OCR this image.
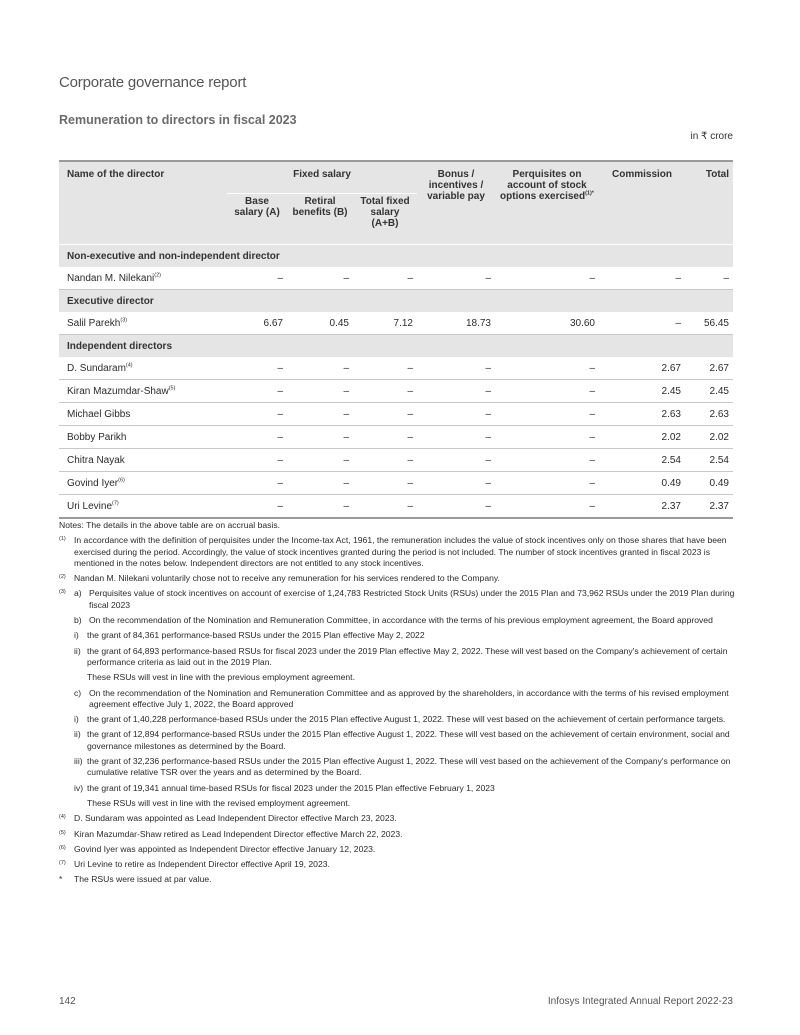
Corporate governance report
Remuneration to directors in fiscal 2023
in ₹ crore
Name of the director	Fixed salary			Bonus / incentives / variable pay	Perquisites on account of stock options exercised$^{(1)*}$	Commission	Total
	Base salary (A)	Retiral benefits (B)	Total fixed salary (A+B)				
Non-executive and non-independent director							
Nandan M. Nilekani$^{(2)}$	–	–	–	–	–	–	–
Executive director							
Salil Parekh$^{(3)}$	6.67	0.45	7.12	18.73	30.60	–	56.45
Independent directors							
D. Sundaram$^{(4)}$	–	–	–	–	–	2.67	2.67
Kiran Mazumdar-Shaw$^{(5)}$	–	–	–	–	–	2.45	2.45
Michael Gibbs	–	–	–	–	–	2.63	2.63
Bobby Parikh	–	–	–	–	–	2.02	2.02
Chitra Nayak	–	–	–	–	–	2.54	2.54
Govind Iyer$^{(6)}$	–	–	–	–	–	0.49	0.49
Uri Levine$^{(7)}$	–	–	–	–	–	2.37	2.37

Notes: The details in the above table are on accrual basis.

(1) In accordance with the definition of perquisites under the Income-tax Act, 1961, the remuneration includes the value of stock incentives only on those shares that have been exercised during the period. Accordingly, the value of stock incentives granted during the period is not included. The number of stock incentives granted in fiscal 2023 is mentioned in the notes below. Independent directors are not entitled to any stock incentives.
(2) Nandan M. Nilekani voluntarily chose not to receive any remuneration for his services rendered to the Company.
(3) a) Perquisites value of stock incentives on account of exercise of 1,24,783 Restricted Stock Units (RSUs) under the 2015 Plan and 73,962 RSUs under the 2019 Plan during fiscal 2023
b) On the recommendation of the Nomination and Remuneration Committee, in accordance with the terms of his previous employment agreement, the Board approved
i) the grant of 84,361 performance-based RSUs under the 2015 Plan effective May 2, 2022
ii) the grant of 64,893 performance-based RSUs for fiscal 2023 under the 2019 Plan effective May 2, 2022. These will vest based on the Company's achievement of certain performance criteria as laid out in the 2019 Plan.
These RSUs will vest in line with the previous employment agreement.
c) On the recommendation of the Nomination and Remuneration Committee and as approved by the shareholders, in accordance with the terms of his revised employment agreement effective July 1, 2022, the Board approved
i) the grant of 1,40,228 performance-based RSUs under the 2015 Plan effective August 1, 2022. These will vest based on the achievement of certain performance targets.
ii) the grant of 12,894 performance-based RSUs under the 2015 Plan effective August 1, 2022. These will vest based on the achievement of certain environment, social and governance milestones as determined by the Board.
iii) the grant of 32,236 performance-based RSUs under the 2015 Plan effective August 1, 2022. These will vest based on the achievement of the Company's performance on cumulative relative TSR over the years and as determined by the Board.
iv) the grant of 19,341 annual time-based RSUs for fiscal 2023 under the 2015 Plan effective February 1, 2023
These RSUs will vest in line with the revised employment agreement.
(4) D. Sundaram was appointed as Lead Independent Director effective March 23, 2023.
(5) Kiran Mazumdar-Shaw retired as Lead Independent Director effective March 22, 2023.
(6) Govind Iyer was appointed as Independent Director effective January 12, 2023.
(7) Uri Levine to retire as Independent Director effective April 19, 2023.
*	The RSUs were issued at par value.
142	Infosys Integrated Annual Report 2022-23
